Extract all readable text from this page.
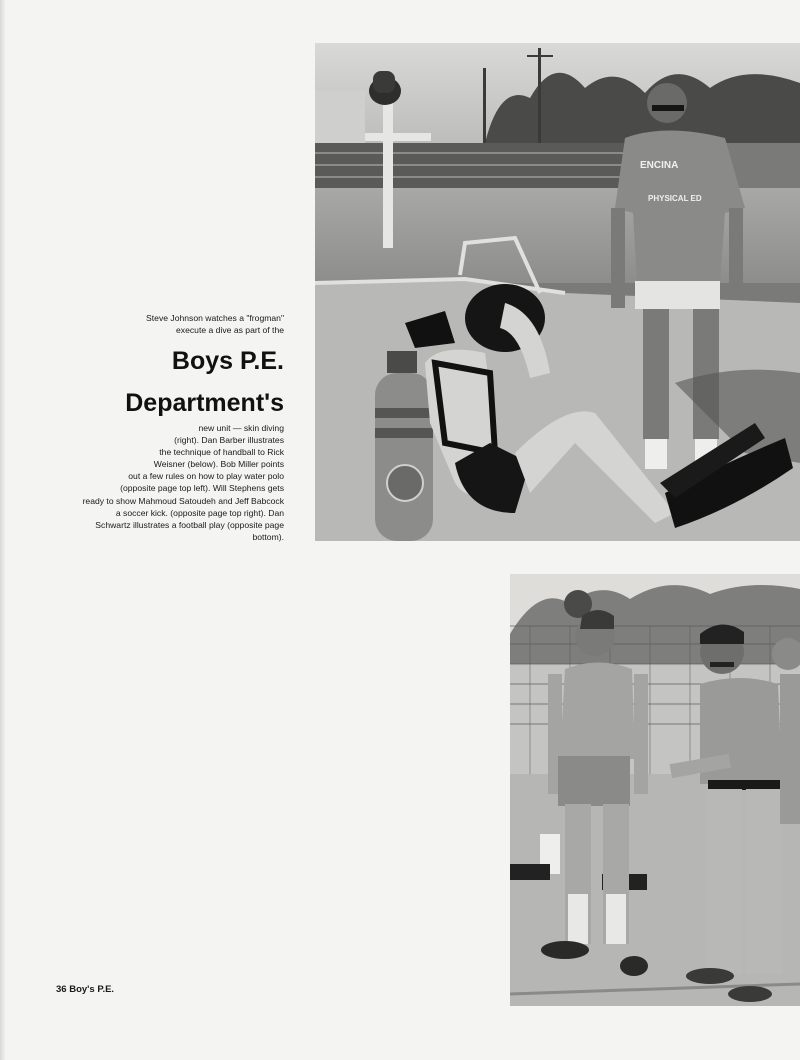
ENCINA
PHYSICAL ED
Steve Johnson watches a "frogman"
execute a dive as part of the
Boys P.E.
Department's
new unit — skin diving
(right). Dan Barber illustrates
the technique of handball to Rick
Weisner (below). Bob Miller points
out a few rules on how to play water polo
(opposite page top left). Will Stephens gets
ready to show Mahmoud Satoudeh and Jeff Babcock
a soccer kick. (opposite page top right). Dan
Schwartz illustrates a football play (opposite page
bottom).
36 Boy's P.E.
